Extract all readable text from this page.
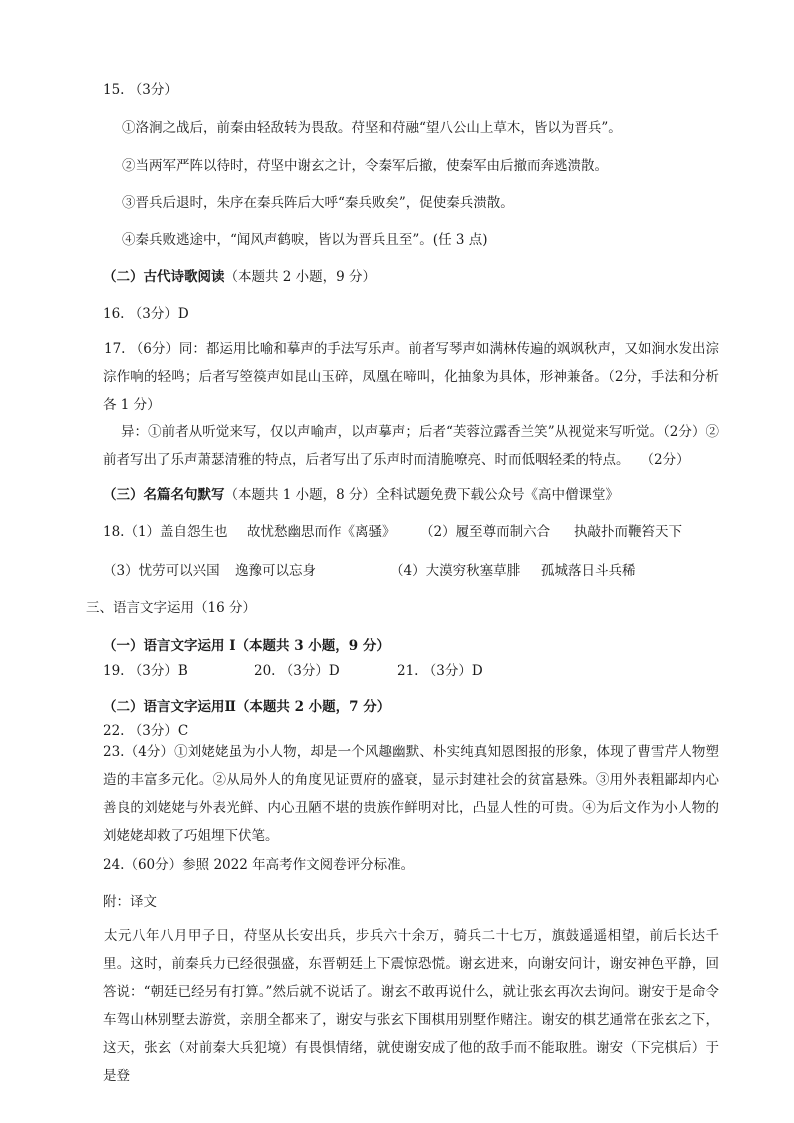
15. （3分）
①洛涧之战后，前秦由轻敌转为畏敌。苻坚和苻融“望八公山上草木，皆以为晋兵”。
②当两军严阵以待时，苻坚中谢玄之计，令秦军后撤，使秦军由后撤而奔逃溃散。
③晋兵后退时，朱序在秦兵阵后大呼“秦兵败矣”，促使秦兵溃散。
④秦兵败逃途中，“闻风声鹤唳，皆以为晋兵且至”。(任 3 点)
（二）古代诗歌阅读（本题共 2 小题，9 分）
16. （3分）D
17. （6分）同：都运用比喻和摹声的手法写乐声。前者写琴声如满林传遍的飒飒秋声，又如涧水发出淙淙作响的轻鸣；后者写箜篌声如昆山玉碎，凤凰在啼叫，化抽象为具体，形神兼备。（2分，手法和分析各 1 分）
异：①前者从听觉来写，仅以声喻声，以声摹声；后者“芙蓉泣露香兰笑”从视觉来写听觉。（2分）②前者写出了乐声萧瑟清雅的特点，后者写出了乐声时而清脆嘹亮、时而低咽轻柔的特点。　 （2分）
（三）名篇名句默写（本题共 1 小题，8 分）全科试题免费下载公众号《高中僧课堂》
18.（1）盖自怨生也 故忧愁幽思而作《离骚》 （2）履至尊而制六合 执敲扑而鞭笞天下
（3）忧劳可以兴国 逸豫可以忘身	（4）大漠穷秋塞草腓 孤城落日斗兵稀
三、语言文字运用（16 分）
（一）语言文字运用 I（本题共 3 小题，9 分）
19. （3分）B	20. （3分）D	21. （3分）D
（二）语言文字运用Ⅱ（本题共 2 小题，7 分）
22. （3分）C
23.（4分）①刘姥姥虽为小人物，却是一个风趣幽默、朴实纯真知恩图报的形象，体现了曹雪芹人物塑造的丰富多元化。②从局外人的角度见证贾府的盛衰，显示封建社会的贫富悬殊。③用外表粗鄙却内心善良的刘姥姥与外表光鲜、内心丑陋不堪的贵族作鲜明对比，凸显人性的可贵。④为后文作为小人物的刘姥姥却救了巧姐埋下伏笔。
24.（60分）参照 2022 年高考作文阅卷评分标准。
附：译文
太元八年八月甲子日，苻坚从长安出兵，步兵六十余万，骑兵二十七万，旗鼓遥遥相望，前后长达千里。这时，前秦兵力已经很强盛，东晋朝廷上下震惊恐慌。谢玄进来，向谢安问计，谢安神色平静，回答说：“朝廷已经另有打算。”然后就不说话了。谢玄不敢再说什么，就让张玄再次去询问。谢安于是命令车驾山林别墅去游赏，亲朋全都来了，谢安与张玄下围棋用别墅作赌注。谢安的棋艺通常在张玄之下，这天，张玄（对前秦大兵犯境）有畏惧情绪，就使谢安成了他的敌手而不能取胜。谢安（下完棋后）于是登
